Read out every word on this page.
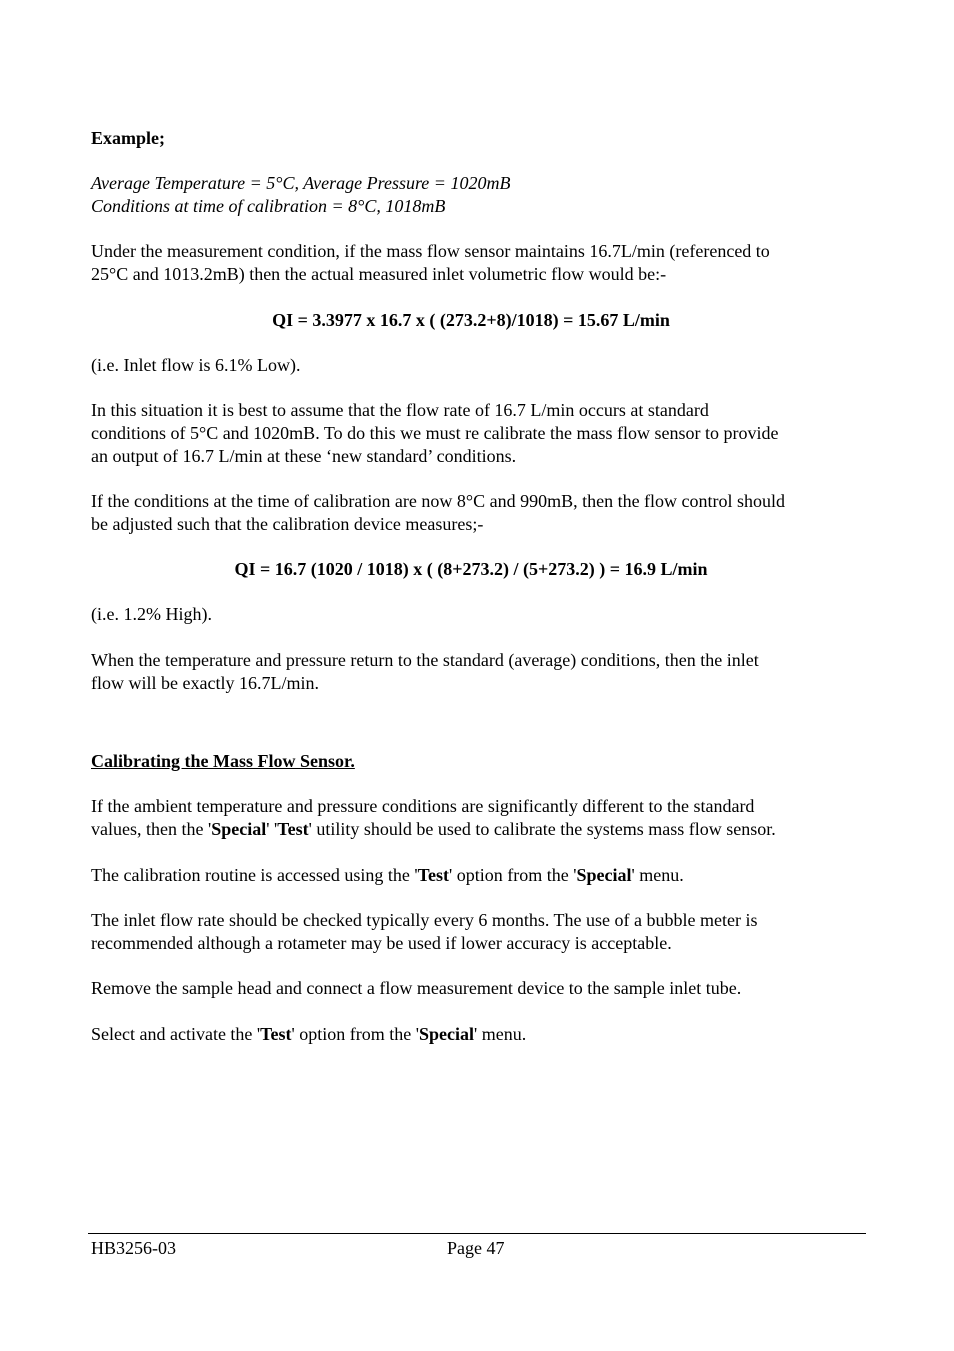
Example;
Average Temperature = 5°C, Average Pressure = 1020mB
Conditions at time of calibration = 8°C, 1018mB
Under the measurement condition, if the mass flow sensor maintains 16.7L/min (referenced to
25°C and 1013.2mB) then the actual measured inlet volumetric flow would be:-
QI = 3.3977 x 16.7 x ( (273.2+8)/1018) = 15.67 L/min
(i.e. Inlet flow is 6.1% Low).
In this situation it is best to assume that the flow rate of 16.7 L/min occurs at standard
conditions of 5°C and 1020mB. To do this we must re calibrate the mass flow sensor to provide
an output of 16.7 L/min at these ‘new standard’ conditions.
If the conditions at the time of calibration are now 8°C and 990mB, then the flow control should
be adjusted such that the calibration device measures;-
QI = 16.7 (1020 / 1018) x ( (8+273.2) / (5+273.2) ) = 16.9 L/min
(i.e. 1.2% High).
When the temperature and pressure return to the standard (average) conditions, then the inlet
flow will be exactly 16.7L/min.
Calibrating the Mass Flow Sensor.
If the ambient temperature and pressure conditions are significantly different to the standard
values, then the 'Special' 'Test' utility should be used to calibrate the systems mass flow sensor.
The calibration routine is accessed using the 'Test' option from the 'Special' menu.
The inlet flow rate should be checked typically every 6 months. The use of a bubble meter is
recommended although a rotameter may be used if lower accuracy is acceptable.
Remove the sample head and connect a flow measurement device to the sample inlet tube.
Select and activate the 'Test' option from the 'Special' menu.
HB3256-03	Page 47
